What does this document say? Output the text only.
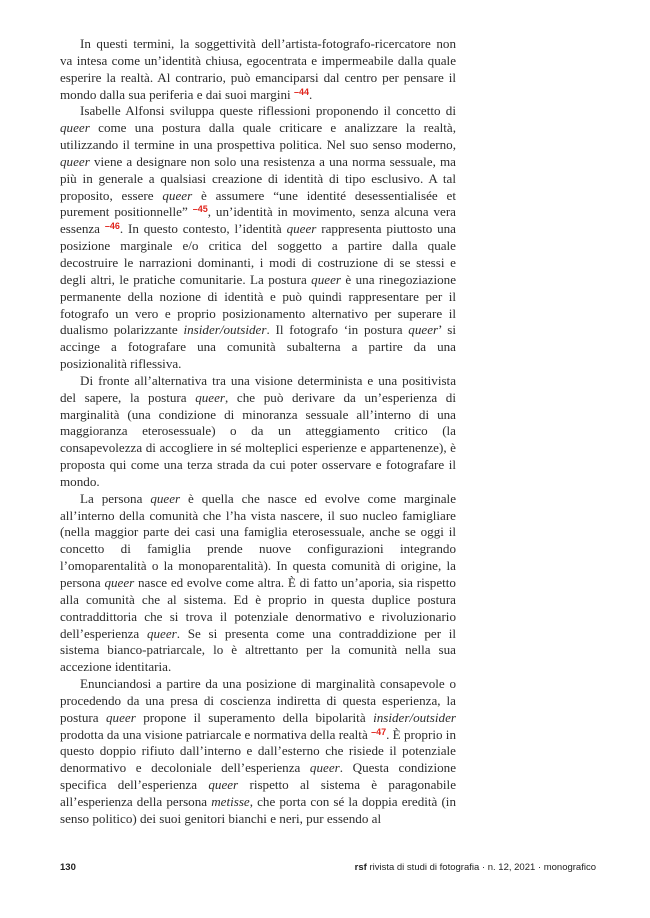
In questi termini, la soggettività dell’artista-fotografo-ricercatore non va intesa come un’identità chiusa, egocentrata e impermeabile dalla quale esperire la realtà. Al contrario, può emanciparsi dal centro per pensare il mondo dalla sua periferia e dai suoi margini $^{-44}$.

Isabelle Alfonsi sviluppa queste riflessioni proponendo il concetto di queer come una postura dalla quale criticare e analizzare la realtà, utilizzando il termine in una prospettiva politica. Nel suo senso moderno, queer viene a designare non solo una resistenza a una norma sessuale, ma più in generale a qualsiasi creazione di identità di tipo esclusivo. A tal proposito, essere queer è assumere “une identité desessentialisée et purement positionnelle” $^{-45}$, un’identità in movimento, senza alcuna vera essenza $^{-46}$. In questo contesto, l’identità queer rappresenta piuttosto una posizione marginale e/o critica del soggetto a partire dalla quale decostruire le narrazioni dominanti, i modi di costruzione di se stessi e degli altri, le pratiche comunitarie. La postura queer è una rinegoziazione permanente della nozione di identità e può quindi rappresentare per il fotografo un vero e proprio posizionamento alternativo per superare il dualismo polarizzante insider/outsider. Il fotografo ‘in postura queer’ si accinge a fotografare una comunità subalterna a partire da una posizionalità riflessiva.

Di fronte all’alternativa tra una visione determinista e una positivista del sapere, la postura queer, che può derivare da un’esperienza di marginalità (una condizione di minoranza sessuale all’interno di una maggioranza eterosessuale) o da un atteggiamento critico (la consapevolezza di accogliere in sé molteplici esperienze e appartenenze), è proposta qui come una terza strada da cui poter osservare e fotografare il mondo.

La persona queer è quella che nasce ed evolve come marginale all’interno della comunità che l’ha vista nascere, il suo nucleo famigliare (nella maggior parte dei casi una famiglia eterosessuale, anche se oggi il concetto di famiglia prende nuove configurazioni integrando l’omoparentalità o la monoparentalità). In questa comunità di origine, la persona queer nasce ed evolve come altra. È di fatto un’aporia, sia rispetto alla comunità che al sistema. Ed è proprio in questa duplice postura contraddittoria che si trova il potenziale denormativo e rivoluzionario dell’esperienza queer. Se si presenta come una contraddizione per il sistema bianco-patriarcale, lo è altrettanto per la comunità nella sua accezione identitaria.

Enunciandosi a partire da una posizione di marginalità consapevole o procedendo da una presa di coscienza indiretta di questa esperienza, la postura queer propone il superamento della bipolarità insider/outsider prodotta da una visione patriarcale e normativa della realtà $^{-47}$. È proprio in questo doppio rifiuto dall’interno e dall’esterno che risiede il potenziale denormativo e decoloniale dell’esperienza queer. Questa condizione specifica dell’esperienza queer rispetto al sistema è paragonabile all’esperienza della persona metisse, che porta con sé la doppia eredità (in senso politico) dei suoi genitori bianchi e neri, pur essendo al

130	rsf rivista di studi di fotografia · n. 12, 2021 · monografico
